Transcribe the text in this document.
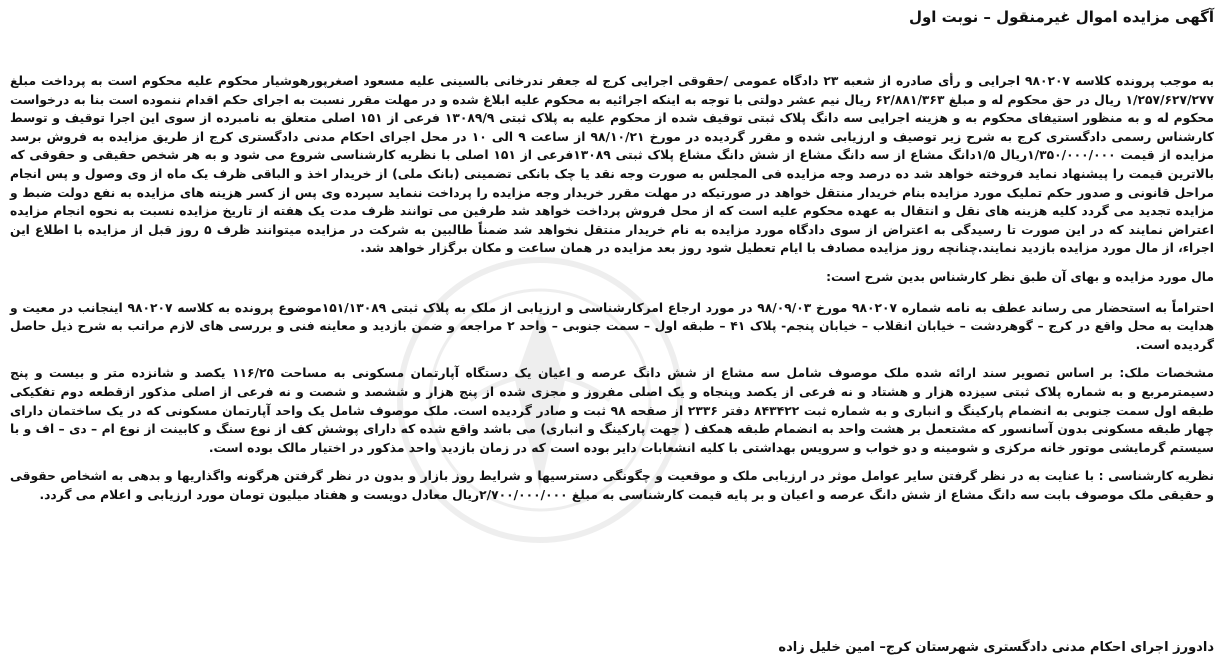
آگهی مزایده اموال غیرمنقول – نوبت اول

به موجب پرونده کلاسه ۹۸۰۲۰۷ اجرایی و رأی صادره از شعبه ۲۳ دادگاه عمومی /حقوقی اجرایی کرج له جعفر ندرخانی بالسینی علیه مسعود اصغرپورهوشیار محکوم علیه محکوم است به پرداخت مبلغ ۱/۲۵۷/۶۲۷/۲۷۷ ریال در حق محکوم له و مبلغ ۶۲/۸۸۱/۳۶۳ ریال نیم عشر دولتی با توجه به اینکه اجرائیه به محکوم علیه ابلاغ شده و در مهلت مقرر نسبت به اجرای حکم اقدام ننموده است بنا به درخواست محکوم له و به منظور استیفای محکوم به و هزینه اجرایی سه دانگ پلاک ثبتی توقیف شده از محکوم علیه به پلاک ثبتی ۱۳۰۸۹/۹ فرعی از ۱۵۱ اصلی متعلق به نامبرده از سوی این اجرا توقیف و توسط کارشناس رسمی دادگستری کرج به شرح زیر توصیف و ارزیابی شده و مقرر گردیده در مورخ ۹۸/۱۰/۲۱ از ساعت ۹ الی ۱۰ در محل اجرای احکام مدنی دادگستری کرج از طریق مزایده به فروش برسد مزایده از قیمت ۱/۳۵۰/۰۰۰/۰۰۰ریال ۱/۵دانگ مشاع از سه دانگ مشاع از شش دانگ مشاع پلاک ثبتی ۱۳۰۸۹فرعی از ۱۵۱ اصلی با نظریه کارشناسی شروع می شود و به هر شخص حقیقی و حقوقی که بالاترین قیمت را پیشنهاد نماید فروخته خواهد شد ده درصد وجه مزایده فی المجلس به صورت وجه نقد یا چک بانکی تضمینی (بانک ملی) از خریدار اخذ و الباقی ظرف یک ماه از وی وصول و پس انجام مراحل قانونی و صدور حکم تملیک مورد مزایده بنام خریدار منتقل خواهد در صورتیکه در مهلت مقرر خریدار وجه مزایده را پرداخت ننماید سپرده وی پس از کسر هزینه های مزایده به نفع دولت ضبط و مزایده تجدید می گردد کلیه هزینه های نقل و انتقال به عهده محکوم علیه است که از محل فروش پرداخت خواهد شد طرفین می توانند ظرف مدت یک هفته از تاریخ مزایده نسبت به نحوه انجام مزایده اعتراض نمایند که در این صورت تا رسیدگی به اعتراض از سوی دادگاه مورد مزایده به نام خریدار منتقل نخواهد شد ضمناً طالبین به شرکت در مزایده میتوانند ظرف ۵ روز قبل از مزایده با اطلاع این اجراء، از مال مورد مزایده بازدید نمایند.چنانچه روز مزایده مصادف با ایام تعطیل شود روز بعد مزایده در همان ساعت و مکان برگزار خواهد شد.

مال مورد مزایده و بهای آن طبق نظر کارشناس بدین شرح است:

احتراماً به استحضار می رساند عطف به نامه شماره ۹۸۰۲۰۷ مورخ ۹۸/۰۹/۰۳ در مورد ارجاع امرکارشناسی و ارزیابی از ملک به پلاک ثبتی ۱۵۱/۱۳۰۸۹موضوع پرونده به کلاسه ۹۸۰۲۰۷ اینجانب در معیت و هدایت به محل واقع در کرج – گوهردشت – خیابان انقلاب – خیابان پنجم- پلاک ۴۱ – طبقه اول – سمت جنوبی – واحد ۲ مراجعه و ضمن بازدید و معاینه فنی و بررسی های لازم مراتب به شرح ذیل حاصل گردیده است.

مشخصات ملک: بر اساس تصویر سند ارائه شده ملک موصوف شامل سه مشاع از شش دانگ عرصه و اعیان یک دستگاه آپارتمان مسکونی به مساحت ۱۱۶/۲۵ یکصد و شانزده متر و بیست و پنج دسیمترمربع و به شماره پلاک ثبتی سیزده هزار و هشتاد و نه فرعی از یکصد وپنجاه و یک اصلی مفروز و مجزی شده از پنج هزار و ششصد و شصت و نه فرعی از اصلی مذکور ازقطعه دوم تفکیکی طبقه اول سمت جنوبی به انضمام پارکینگ و انباری و به شماره ثبت ۸۴۳۴۲۲ دفتر ۲۳۳۶ از صفحه ۹۸ ثبت و صادر گردیده است. ملک موصوف شامل یک واحد آپارتمان مسکونی که در یک ساختمان دارای چهار طبقه مسکونی بدون آسانسور که مشتعمل بر هشت واحد به انضمام طبقه همکف ( جهت پارکینگ و انباری) می باشد واقع شده که دارای پوشش کف از نوع سنگ و کابینت از نوع ام – دی – اف و با سیستم گرمایشی موتور خانه مرکزی و شومینه و دو خواب و سرویس بهداشتی با کلیه انشعابات دایر بوده است که در زمان بازدید واحد مذکور در اختیار مالک بوده است.

نظریه کارشناسی : با عنایت به در نظر گرفتن سایر عوامل موثر در ارزیابی ملک و موقعیت و چگونگی دسترسیها و شرایط روز بازار و بدون در نظر گرفتن هرگونه واگذاریها و بدهی به اشخاص حقوقی و حقیقی ملک موصوف بابت سه دانگ مشاع از شش دانگ عرصه و اعیان و بر پایه قیمت کارشناسی به مبلغ ۲/۷۰۰/۰۰۰/۰۰۰ریال معادل دویست و هفتاد میلیون تومان مورد ارزیابی و اعلام می گردد.

دادورز اجرای احکام مدنی دادگستری شهرستان کرج– امین خلیل زاده
